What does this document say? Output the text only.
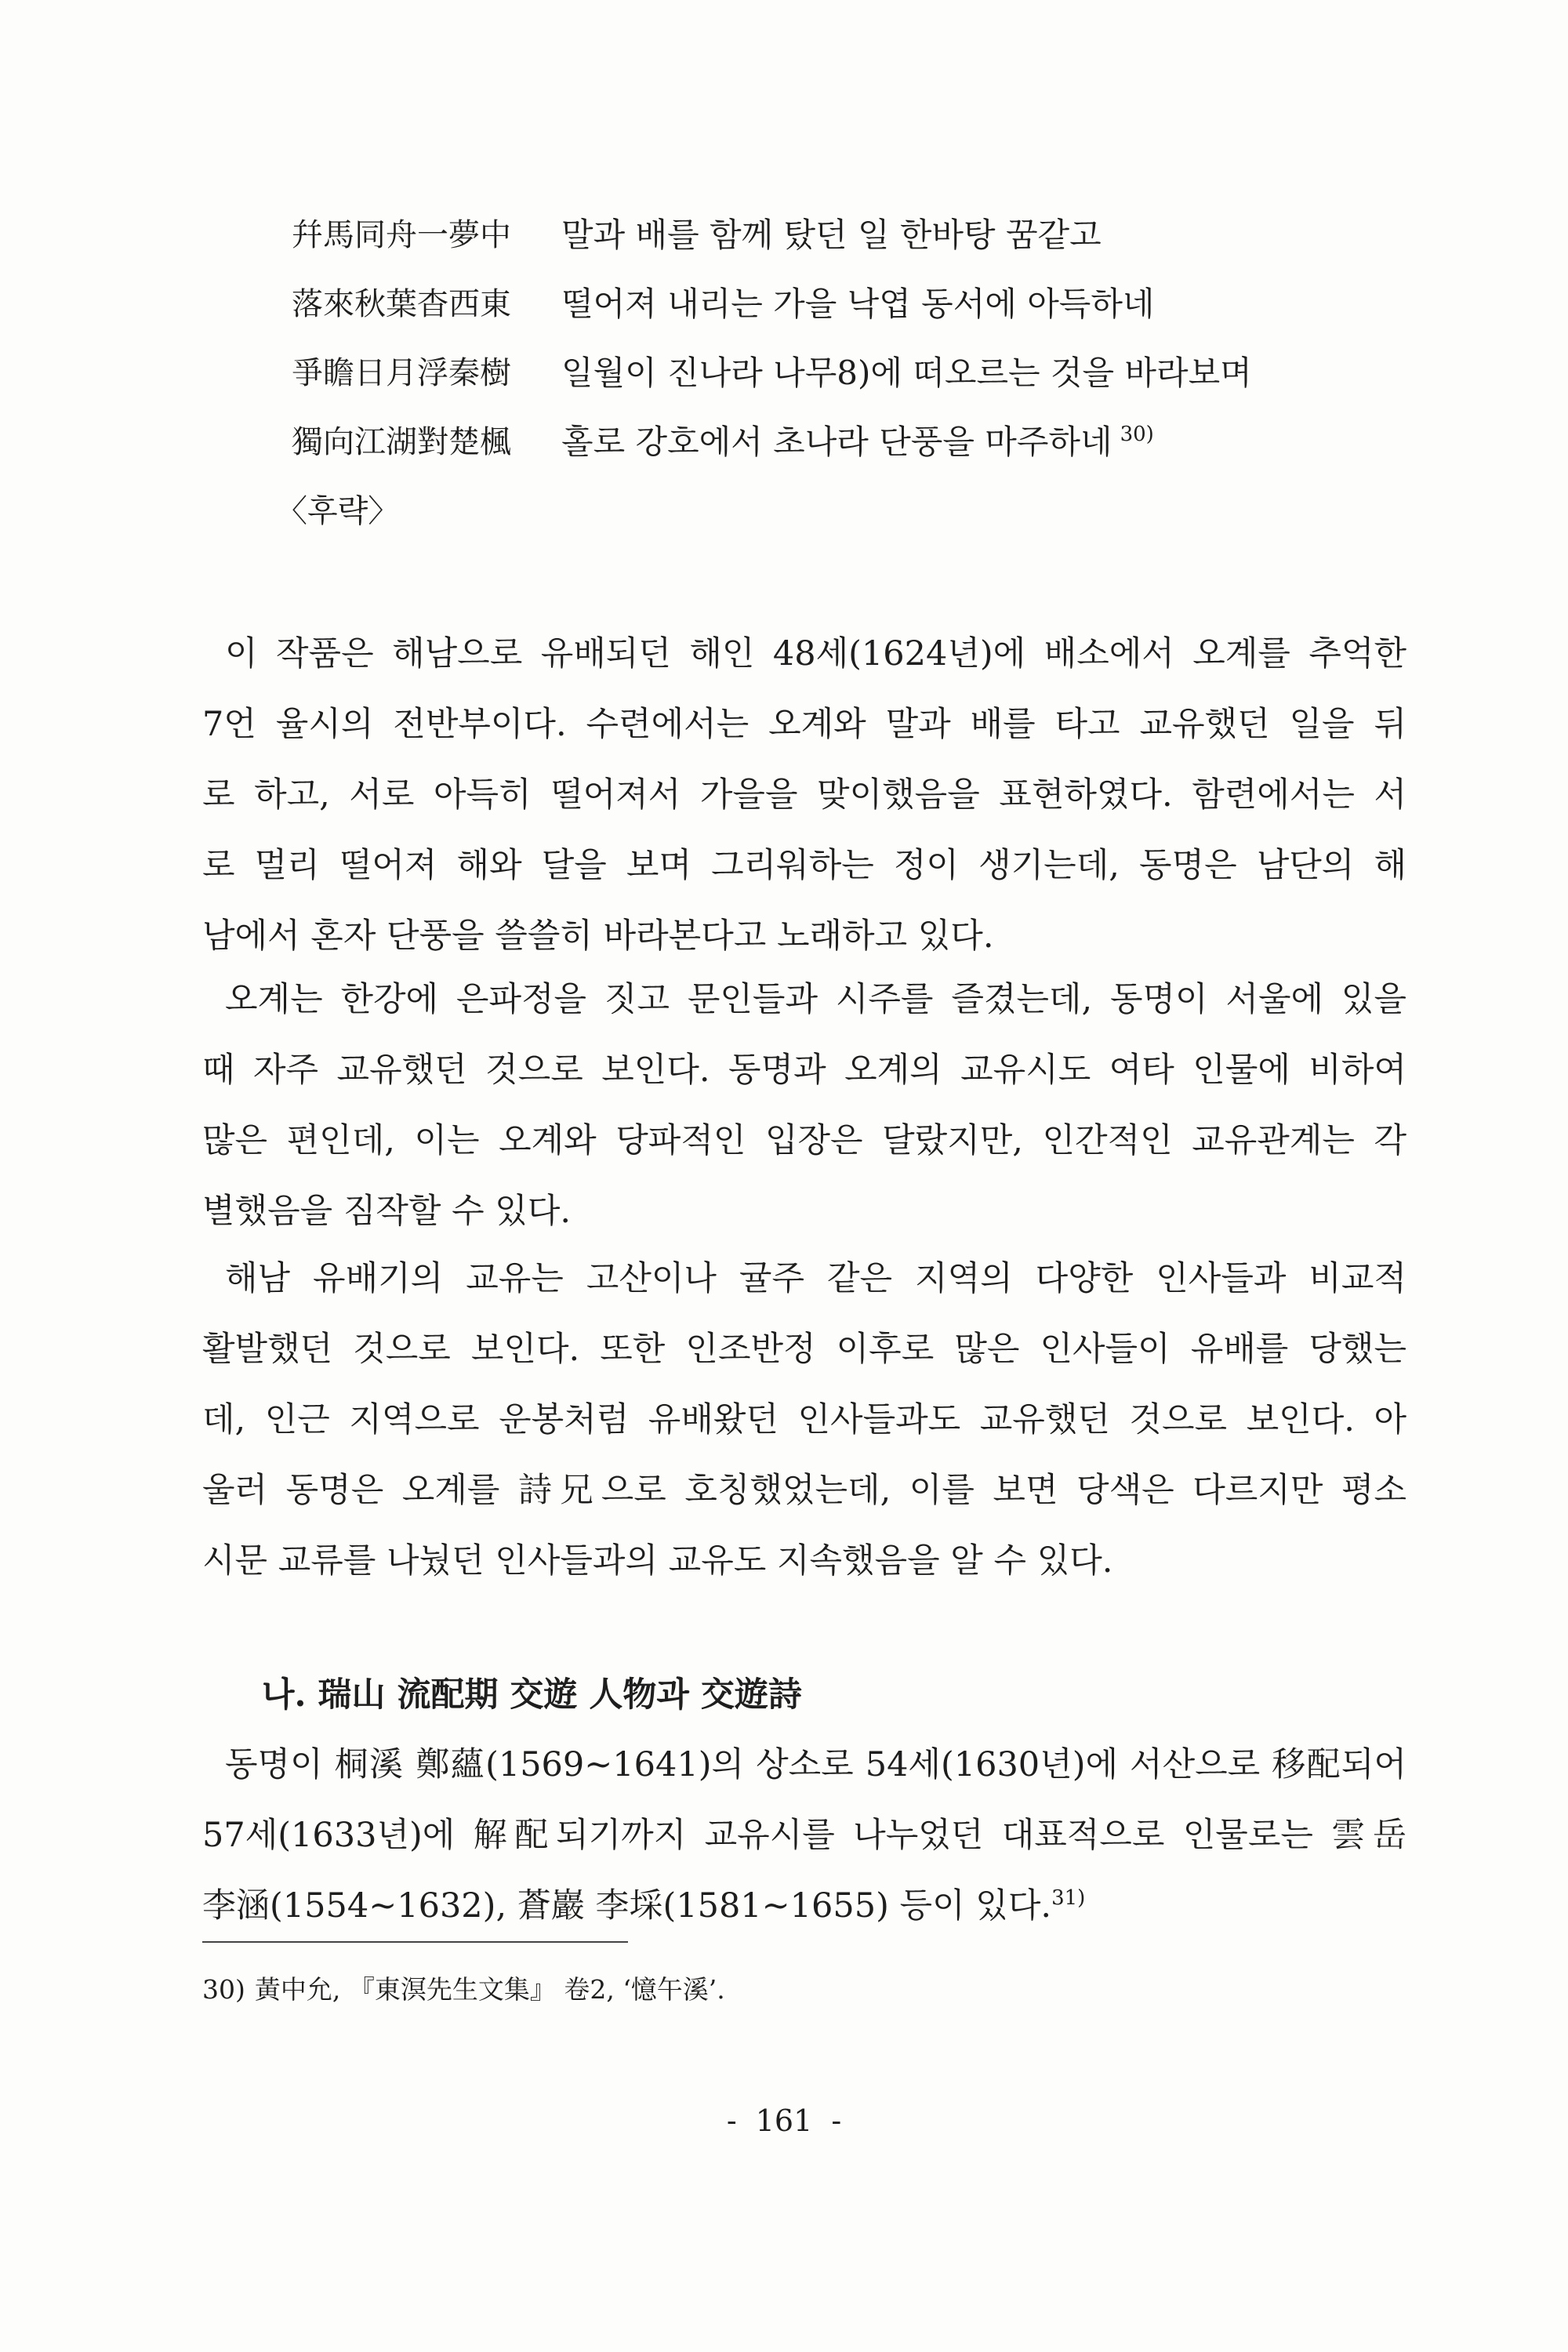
幷馬同舟一夢中 말과 배를 함께 탔던 일 한바탕 꿈같고
落來秋葉杳西東 떨어져 내리는 가을 낙엽 동서에 아득하네
爭瞻日月浮秦樹 일월이 진나라 나무8)에 떠오르는 것을 바라보며
獨向江湖對楚楓 홀로 강호에서 초나라 단풍을 마주하네 $^{30)}$
〈후략〉
이 작품은 해남으로 유배되던 해인 48세(1624년)에 배소에서 오계를 추억한
7언 율시의 전반부이다. 수련에서는 오계와 말과 배를 타고 교유했던 일을 뒤
로 하고, 서로 아득히 떨어져서 가을을 맞이했음을 표현하였다. 함련에서는 서
로 멀리 떨어져 해와 달을 보며 그리워하는 정이 생기는데, 동명은 남단의 해
남에서 혼자 단풍을 쓸쓸히 바라본다고 노래하고 있다.
오계는 한강에 은파정을 짓고 문인들과 시주를 즐겼는데, 동명이 서울에 있을
때 자주 교유했던 것으로 보인다. 동명과 오계의 교유시도 여타 인물에 비하여
많은 편인데, 이는 오계와 당파적인 입장은 달랐지만, 인간적인 교유관계는 각
별했음을 짐작할 수 있다.
해남 유배기의 교유는 고산이나 귤주 같은 지역의 다양한 인사들과 비교적
활발했던 것으로 보인다. 또한 인조반정 이후로 많은 인사들이 유배를 당했는
데, 인근 지역으로 운봉처럼 유배왔던 인사들과도 교유했던 것으로 보인다. 아
울러 동명은 오계를 詩兄으로 호칭했었는데, 이를 보면 당색은 다르지만 평소
시문 교류를 나눴던 인사들과의 교유도 지속했음을 알 수 있다.
나. 瑞山 流配期 交遊 人物과 交遊詩
동명이 桐溪 鄭蘊(1569~1641)의 상소로 54세(1630년)에 서산으로 移配되어
57세(1633년)에 解配되기까지 교유시를 나누었던 대표적으로 인물로는 雲岳
李涵(1554~1632), 蒼巖 李埰(1581~1655) 등이 있다.$^{31)}$
30) 黃中允, 『東溟先生文集』 卷2, ‘憶午溪’.
- 161 -
